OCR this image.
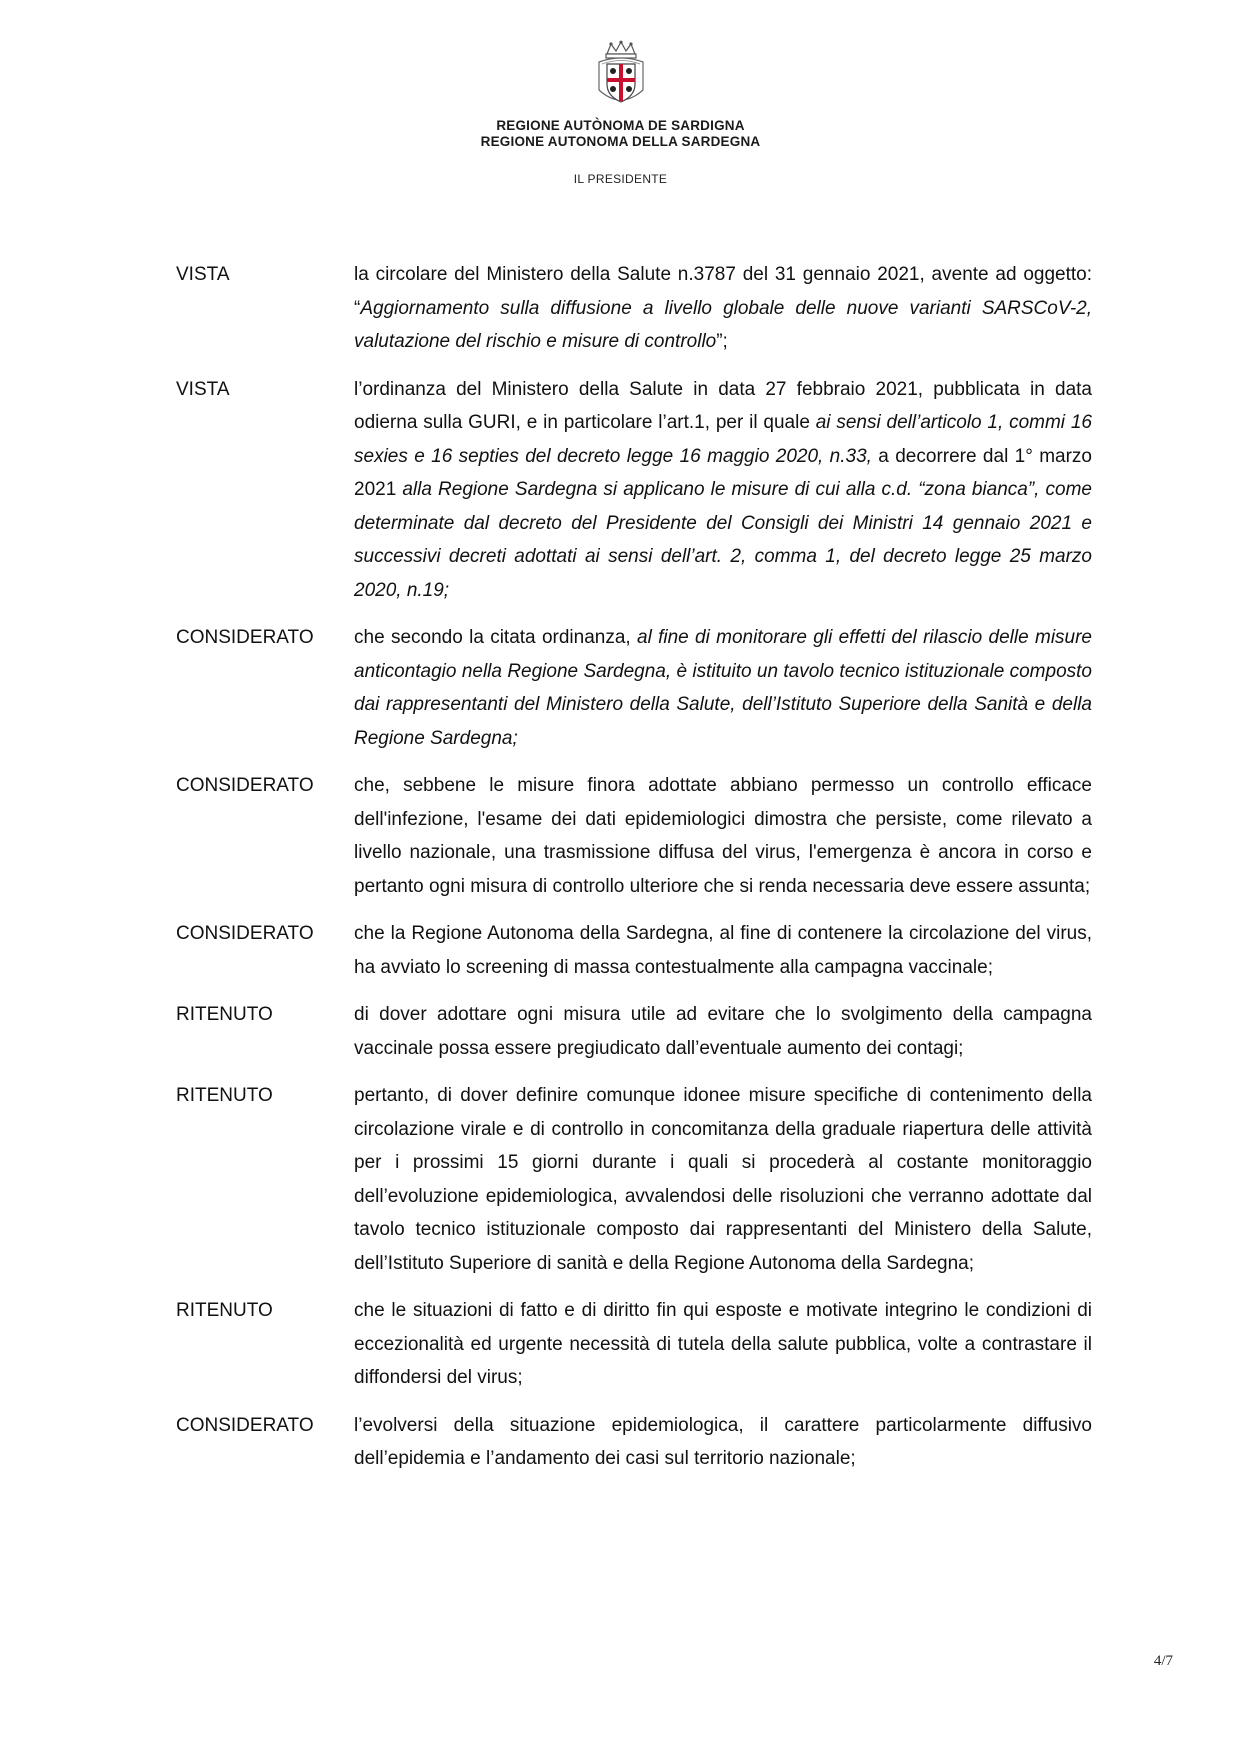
REGIONE AUTÒNOMA DE SARDIGNA
REGIONE AUTONOMA DELLA SARDEGNA
IL PRESIDENTE
VISTA	la circolare del Ministero della Salute n.3787 del 31 gennaio 2021, avente ad oggetto: “Aggiornamento sulla diffusione a livello globale delle nuove varianti SARSCoV-2, valutazione del rischio e misure di controllo”;
VISTA	l’ordinanza del Ministero della Salute in data 27 febbraio 2021, pubblicata in data odierna sulla GURI, e in particolare l’art.1, per il quale ai sensi dell’articolo 1, commi 16 sexies e 16 septies del decreto legge 16 maggio 2020, n.33, a decorrere dal 1° marzo 2021 alla Regione Sardegna si applicano le misure di cui alla c.d. “zona bianca”, come determinate dal decreto del Presidente del Consigli dei Ministri 14 gennaio 2021 e successivi decreti adottati ai sensi dell’art. 2, comma 1, del decreto legge 25 marzo 2020, n.19;
CONSIDERATO	che secondo la citata ordinanza, al fine di monitorare gli effetti del rilascio delle misure anticontagio nella Regione Sardegna, è istituito un tavolo tecnico istituzionale composto dai rappresentanti del Ministero della Salute, dell’Istituto Superiore della Sanità e della Regione Sardegna;
CONSIDERATO	che, sebbene le misure finora adottate abbiano permesso un controllo efficace dell'infezione, l'esame dei dati epidemiologici dimostra che persiste, come rilevato a livello nazionale, una trasmissione diffusa del virus, l'emergenza è ancora in corso e pertanto ogni misura di controllo ulteriore che si renda necessaria deve essere assunta;
CONSIDERATO	che la Regione Autonoma della Sardegna, al fine di contenere la circolazione del virus, ha avviato lo screening di massa contestualmente alla campagna vaccinale;
RITENUTO	di dover adottare ogni misura utile ad evitare che lo svolgimento della campagna vaccinale possa essere pregiudicato dall’eventuale aumento dei contagi;
RITENUTO	pertanto, di dover definire comunque idonee misure specifiche di contenimento della circolazione virale e di controllo in concomitanza della graduale riapertura delle attività per i prossimi 15 giorni durante i quali si procederà al costante monitoraggio dell’evoluzione epidemiologica, avvalendosi delle risoluzioni che verranno adottate dal tavolo tecnico istituzionale composto dai rappresentanti del Ministero della Salute, dell’Istituto Superiore di sanità e della Regione Autonoma della Sardegna;
RITENUTO	che le situazioni di fatto e di diritto fin qui esposte e motivate integrino le condizioni di eccezionalità ed urgente necessità di tutela della salute pubblica, volte a contrastare il diffondersi del virus;
CONSIDERATO	l’evolversi della situazione epidemiologica, il carattere particolarmente diffusivo dell’epidemia e l’andamento dei casi sul territorio nazionale;
4/7
